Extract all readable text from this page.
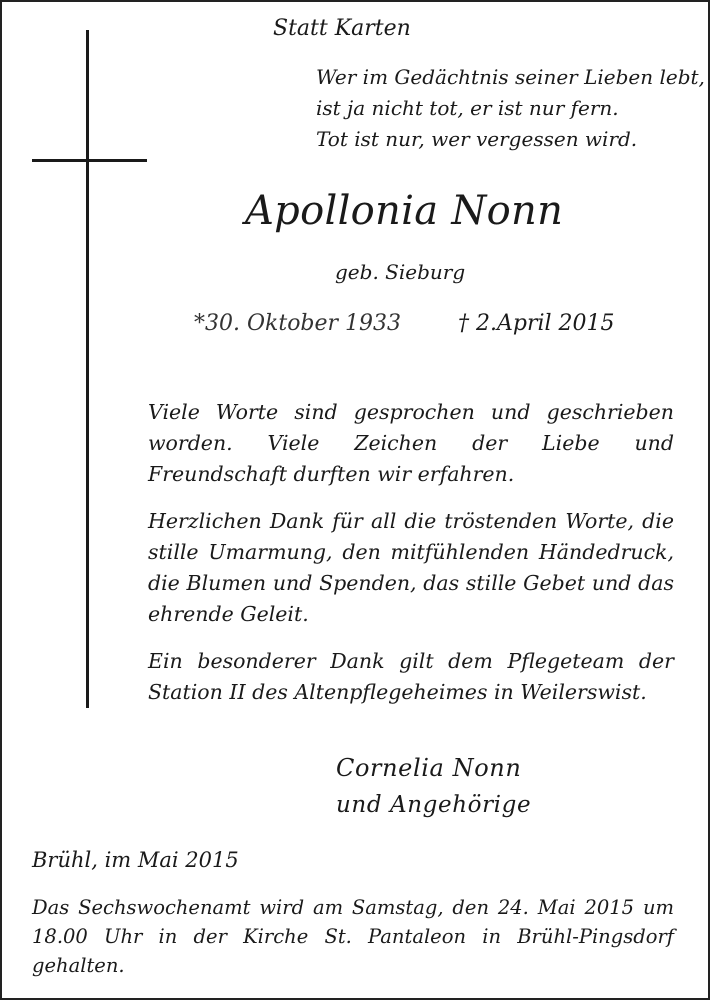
Statt Karten
Wer im Gedächtnis seiner Lieben lebt,
ist ja nicht tot, er ist nur fern.
Tot ist nur, wer vergessen wird.
Apollonia Nonn
geb. Sieburg
*30. Oktober 1933	† 2.April 2015
Viele Worte sind gesprochen und geschrieben worden. Viele Zeichen der Liebe und Freundschaft durften wir erfahren.
Herzlichen Dank für all die tröstenden Worte, die stille Umarmung, den mitfühlenden Händedruck, die Blumen und Spenden, das stille Gebet und das ehrende Geleit.
Ein besonderer Dank gilt dem Pflegeteam der Station II des Altenpflegeheimes in Weilerswist.
Cornelia Nonn
und Angehörige
Brühl, im Mai 2015
Das Sechswochenamt wird am Samstag, den 24. Mai 2015 um 18.00 Uhr in der Kirche St. Pantaleon in Brühl-Pingsdorf gehalten.
